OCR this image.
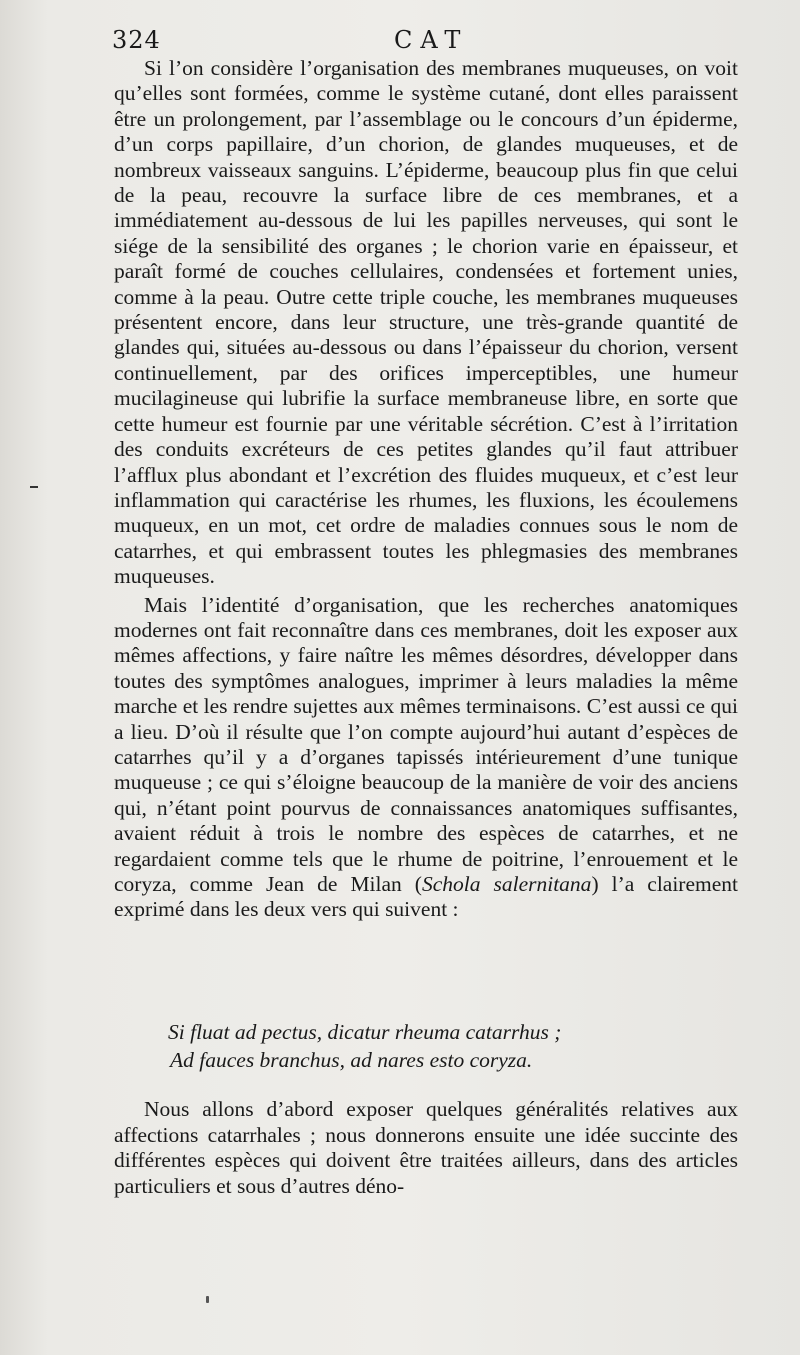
324	CAT

Si l’on considère l’organisation des membranes muqueuses, on voit qu’elles sont formées, comme le système cutané, dont elles paraissent être un prolongement, par l’assemblage ou le concours d’un épiderme, d’un corps papillaire, d’un chorion, de glandes muqueuses, et de nombreux vaisseaux sanguins. L’épiderme, beaucoup plus fin que celui de la peau, recouvre la surface libre de ces membranes, et a immédiatement au-dessous de lui les papilles nerveuses, qui sont le siége de la sensibilité des organes ; le chorion varie en épaisseur, et paraît formé de couches cellulaires, condensées et fortement unies, comme à la peau. Outre cette triple couche, les membranes muqueuses présentent encore, dans leur structure, une très-grande quantité de glandes qui, situées au-dessous ou dans l’épaisseur du chorion, versent continuellement, par des orifices imperceptibles, une humeur mucilagineuse qui lubrifie la surface membraneuse libre, en sorte que cette humeur est fournie par une véritable sécrétion. C’est à l’irritation des conduits excréteurs de ces petites glandes qu’il faut attribuer l’afflux plus abondant et l’excrétion des fluides muqueux, et c’est leur inflammation qui caractérise les rhumes, les fluxions, les écoulemens muqueux, en un mot, cet ordre de maladies connues sous le nom de catarrhes, et qui embrassent toutes les phlegmasies des membranes muqueuses.

Mais l’identité d’organisation, que les recherches anatomiques modernes ont fait reconnaître dans ces membranes, doit les exposer aux mêmes affections, y faire naître les mêmes désordres, développer dans toutes des symptômes analogues, imprimer à leurs maladies la même marche et les rendre sujettes aux mêmes terminaisons. C’est aussi ce qui a lieu. D’où il résulte que l’on compte aujourd’hui autant d’espèces de catarrhes qu’il y a d’organes tapissés intérieurement d’une tunique muqueuse ; ce qui s’éloigne beaucoup de la manière de voir des anciens qui, n’étant point pourvus de connaissances anatomiques suffisantes, avaient réduit à trois le nombre des espèces de catarrhes, et ne regardaient comme tels que le rhume de poitrine, l’enrouement et le coryza, comme Jean de Milan (Schola salernitana) l’a clairement exprimé dans les deux vers qui suivent :

Si fluat ad pectus, dicatur rheuma catarrhus ;
Ad fauces branchus, ad nares esto coryza.

Nous allons d’abord exposer quelques généralités relatives aux affections catarrhales ; nous donnerons ensuite une idée succinte des différentes espèces qui doivent être traitées ailleurs, dans des articles particuliers et sous d’autres déno-
